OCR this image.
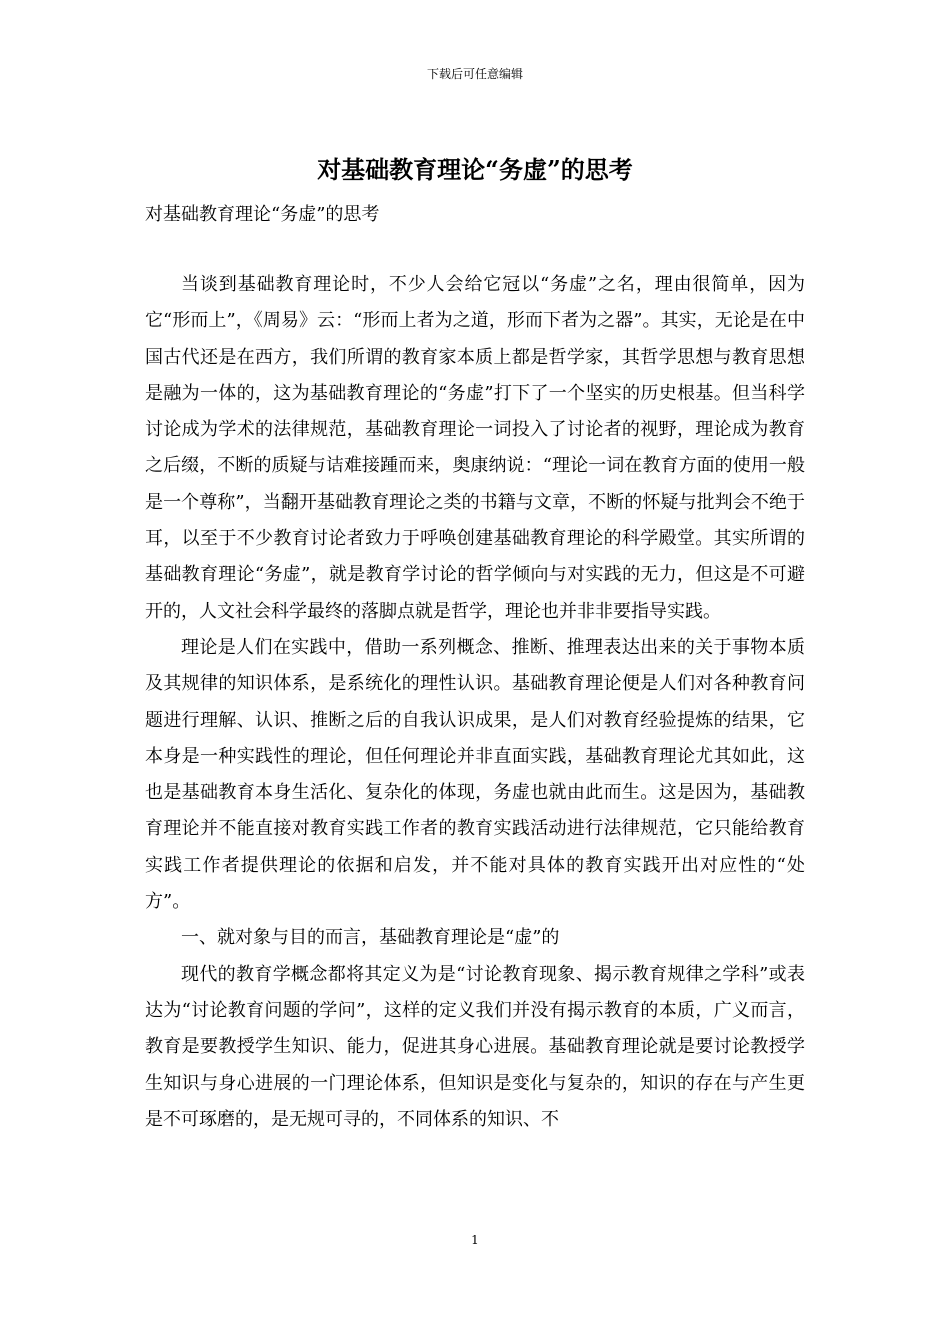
下载后可任意编辑
对基础教育理论“务虚”的思考

对基础教育理论“务虚”的思考

当谈到基础教育理论时，不少人会给它冠以“务虚”之名，理由很简单，因为它“形而上”，《周易》云：“形而上者为之道，形而下者为之器”。其实，无论是在中国古代还是在西方，我们所谓的教育家本质上都是哲学家，其哲学思想与教育思想是融为一体的，这为基础教育理论的“务虚”打下了一个坚实的历史根基。但当科学讨论成为学术的法律规范，基础教育理论一词投入了讨论者的视野，理论成为教育之后缀，不断的质疑与诘难接踵而来，奥康纳说：“理论一词在教育方面的使用一般是一个尊称”，当翻开基础教育理论之类的书籍与文章，不断的怀疑与批判会不绝于耳，以至于不少教育讨论者致力于呼唤创建基础教育理论的科学殿堂。其实所谓的基础教育理论“务虚”，就是教育学讨论的哲学倾向与对实践的无力，但这是不可避开的，人文社会科学最终的落脚点就是哲学，理论也并非非要指导实践。

理论是人们在实践中，借助一系列概念、推断、推理表达出来的关于事物本质及其规律的知识体系，是系统化的理性认识。基础教育理论便是人们对各种教育问题进行理解、认识、推断之后的自我认识成果，是人们对教育经验提炼的结果，它本身是一种实践性的理论，但任何理论并非直面实践，基础教育理论尤其如此，这也是基础教育本身生活化、复杂化的体现，务虚也就由此而生。这是因为，基础教育理论并不能直接对教育实践工作者的教育实践活动进行法律规范，它只能给教育实践工作者提供理论的依据和启发，并不能对具体的教育实践开出对应性的“处方”。

一、就对象与目的而言，基础教育理论是“虚”的

现代的教育学概念都将其定义为是“讨论教育现象、揭示教育规律之学科”或表达为“讨论教育问题的学问”，这样的定义我们并没有揭示教育的本质，广义而言，教育是要教授学生知识、能力，促进其身心进展。基础教育理论就是要讨论教授学生知识与身心进展的一门理论体系，但知识是变化与复杂的，知识的存在与产生更是不可琢磨的，是无规可寻的，不同体系的知识、不

1
